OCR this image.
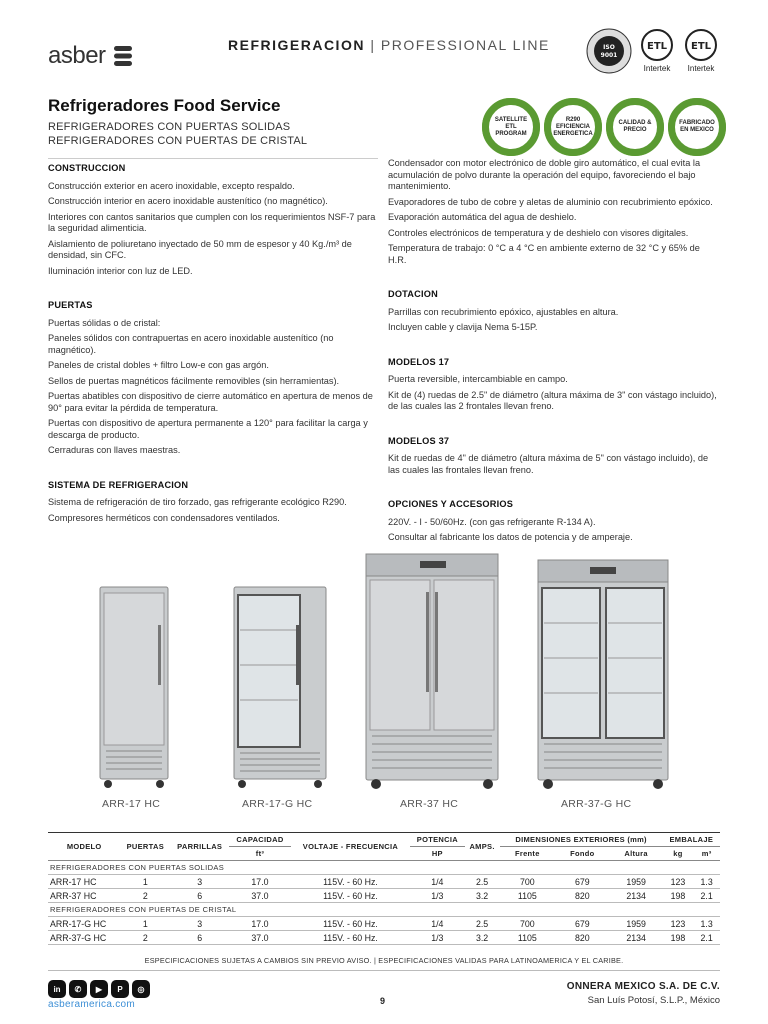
asber	REFRIGERACION | PROFESSIONAL LINE	ISO
9001
ETL
Intertek
ETL
Intertek
Refrigeradores Food Service
REFRIGERADORES CON PUERTAS SOLIDAS
REFRIGERADORES CON PUERTAS DE CRISTAL
SATELLITE ETL PROGRAM
R290 EFICIENCIA ENERGETICA
CALIDAD & PRECIO
FABRICADO EN MEXICO
CONSTRUCCION
Construcción exterior en acero inoxidable, excepto respaldo.
Construcción interior en acero inoxidable austenítico (no magnético).
Interiores con cantos sanitarios que cumplen con los requerimientos NSF-7 para la seguridad alimenticia.
Aislamiento de poliuretano inyectado de 50 mm de espesor y 40 Kg./m³ de densidad, sin CFC.
Iluminación interior con luz de LED.
PUERTAS
Puertas sólidas o de cristal:
Paneles sólidos con contrapuertas en acero inoxidable austenítico (no magnético).
Paneles de cristal dobles + filtro Low-e con gas argón.
Sellos de puertas magnéticos fácilmente removibles (sin herramientas).
Puertas abatibles con dispositivo de cierre automático en apertura de menos de 90° para evitar la pérdida de temperatura.
Puertas con dispositivo de apertura permanente a 120° para facilitar la carga y descarga de producto.
Cerraduras con llaves maestras.
SISTEMA DE REFRIGERACION
Sistema de refrigeración de tiro forzado, gas refrigerante ecológico R290.
Compresores herméticos con condensadores ventilados.
Condensador con motor electrónico de doble giro automático, el cual evita la acumulación de polvo durante la operación del equipo, favoreciendo el bajo mantenimiento.
Evaporadores de tubo de cobre y aletas de aluminio con recubrimiento epóxico.
Evaporación automática del agua de deshielo.
Controles electrónicos de temperatura y de deshielo con visores digitales.
Temperatura de trabajo: 0 °C a 4 °C en ambiente externo de 32 °C y 65% de H.R.
DOTACION
Parrillas con recubrimiento epóxico, ajustables en altura.
Incluyen cable y clavija Nema 5-15P.
MODELOS 17
Puerta reversible, intercambiable en campo.
Kit de (4) ruedas de 2.5" de diámetro (altura máxima de 3" con vástago incluido), de las cuales las 2 frontales llevan freno.
MODELOS 37
Kit de ruedas de 4" de diámetro (altura máxima de 5" con vástago incluido), de las cuales las frontales llevan freno.
OPCIONES Y ACCESORIOS
220V. - I - 50/60Hz. (con gas refrigerante R-134 A).
Consultar al fabricante los datos de potencia y de amperaje.
ARR-17 HC	ARR-17-G HC	ARR-37 HC	ARR-37-G HC
MODELO	PUERTAS	PARRILLAS	CAPACIDAD	VOLTAJE - FRECUENCIA	POTENCIA	AMPS.	DIMENSIONES EXTERIORES (mm)			EMBALAJE	
			ft³		HP		Frente	Fondo	Altura	kg	m³
REFRIGERADORES CON PUERTAS SOLIDAS											
ARR-17 HC	1	3	17.0	115V. - 60 Hz.	1/4	2.5	700	679	1959	123	1.3
ARR-37 HC	2	6	37.0	115V. - 60 Hz.	1/3	3.2	1105	820	2134	198	2.1
REFRIGERADORES CON PUERTAS DE CRISTAL											
ARR-17-G HC	1	3	17.0	115V. - 60 Hz.	1/4	2.5	700	679	1959	123	1.3
ARR-37-G HC	2	6	37.0	115V. - 60 Hz.	1/3	3.2	1105	820	2134	198	2.1
ESPECIFICACIONES SUJETAS A CAMBIOS SIN PREVIO AVISO. | ESPECIFICACIONES VALIDAS PARA LATINOAMERICA Y EL CARIBE.
in	✆	▶	P	◎
asberamerica.com	9
ONNERA MEXICO S.A. DE C.V.
San Luís Potosí, S.L.P., México
